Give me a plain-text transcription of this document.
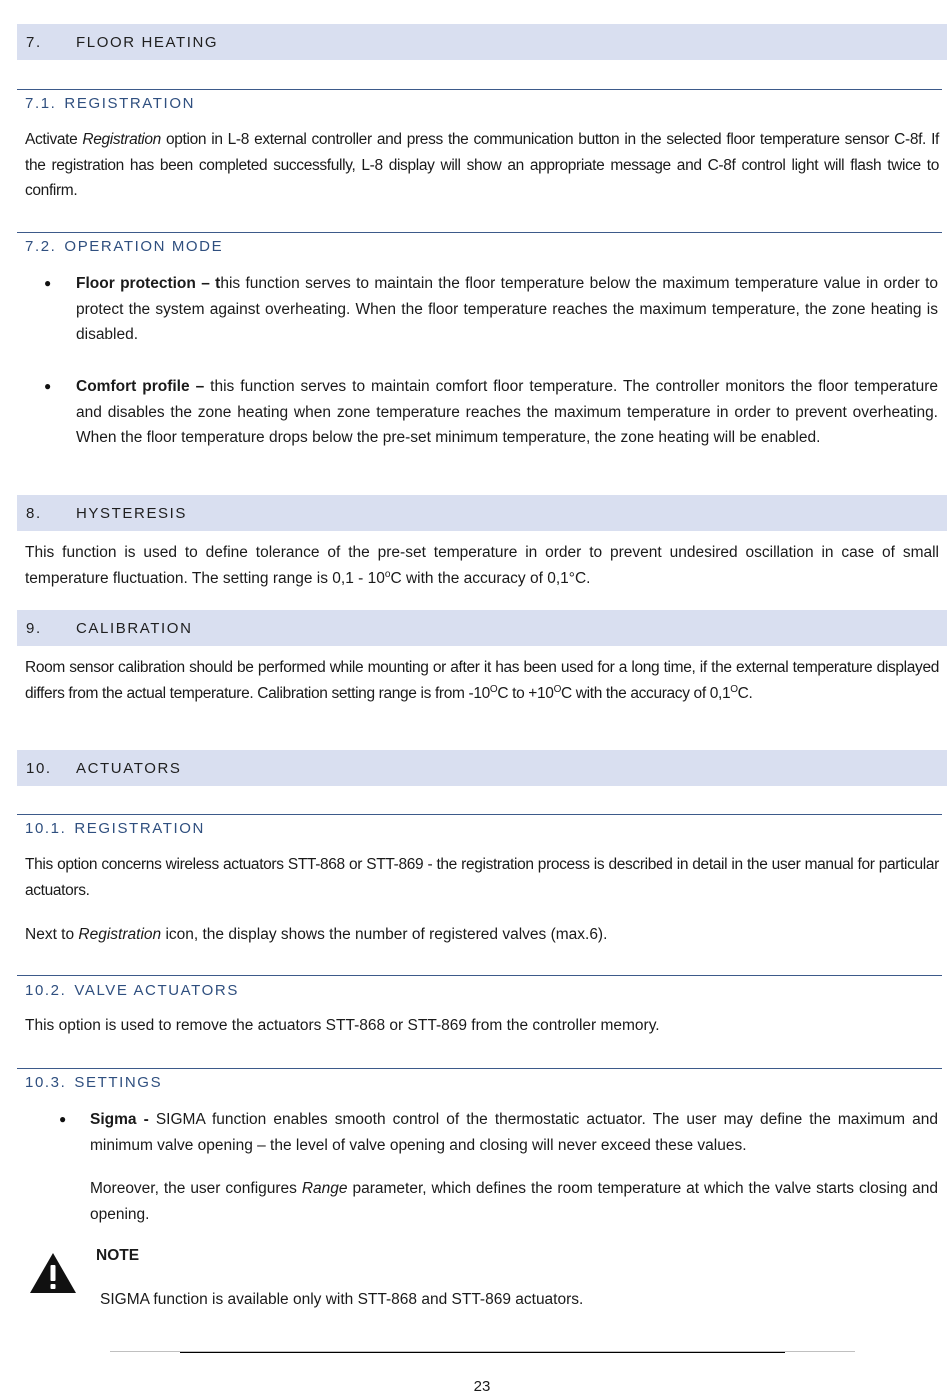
7. FLOOR HEATING
7.1. REGISTRATION
Activate Registration option in L-8 external controller and press the communication button in the selected floor temperature sensor C-8f. If the registration has been completed successfully, L-8 display will show an appropriate message and C-8f control light will flash twice to confirm.
7.2. OPERATION MODE
● Floor protection – this function serves to maintain the floor temperature below the maximum temperature value in order to protect the system against overheating. When the floor temperature reaches the maximum temperature, the zone heating is disabled.
● Comfort profile – this function serves to maintain comfort floor temperature. The controller monitors the floor temperature and disables the zone heating when zone temperature reaches the maximum temperature in order to prevent overheating. When the floor temperature drops below the pre-set minimum temperature, the zone heating will be enabled.
8. HYSTERESIS
This function is used to define tolerance of the pre-set temperature in order to prevent undesired oscillation in case of small temperature fluctuation. The setting range is 0,1 - 10$^o$C with the accuracy of 0,1°C.
9. CALIBRATION
Room sensor calibration should be performed while mounting or after it has been used for a long time, if the external temperature displayed differs from the actual temperature. Calibration setting range is from $-10^OC$ to $+10^OC$ with the accuracy of $0,1^OC$.
10. ACTUATORS
10.1. REGISTRATION
This option concerns wireless actuators STT-868 or STT-869 - the registration process is described in detail in the user manual for particular actuators.
Next to Registration icon, the display shows the number of registered valves (max.6).
10.2. VALVE ACTUATORS
This option is used to remove the actuators STT-868 or STT-869 from the controller memory.
10.3. SETTINGS
● Sigma - SIGMA function enables smooth control of the thermostatic actuator. The user may define the maximum and minimum valve opening – the level of valve opening and closing will never exceed these values.
Moreover, the user configures Range parameter, which defines the room temperature at which the valve starts closing and opening.
NOTE
SIGMA function is available only with STT-868 and STT-869 actuators.
23
